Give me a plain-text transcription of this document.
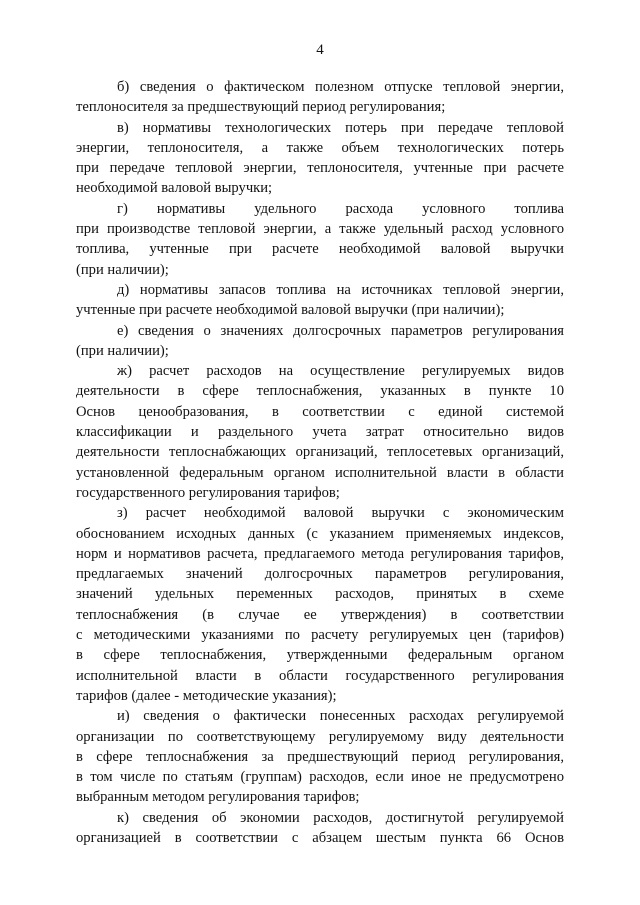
4
б) сведения о фактическом полезном отпуске тепловой энергии,
теплоносителя за предшествующий период регулирования;
в) нормативы технологических потерь при передаче тепловой
энергии, теплоносителя, а также объем технологических потерь
при передаче тепловой энергии, теплоносителя, учтенные при расчете
необходимой валовой выручки;
г) нормативы удельного расхода условного топлива
при производстве тепловой энергии, а также удельный расход условного
топлива, учтенные при расчете необходимой валовой выручки
(при наличии);
д) нормативы запасов топлива на источниках тепловой энергии,
учтенные при расчете необходимой валовой выручки (при наличии);
е) сведения о значениях долгосрочных параметров регулирования
(при наличии);
ж) расчет расходов на осуществление регулируемых видов
деятельности в сфере теплоснабжения, указанных в пункте 10
Основ ценообразования, в соответствии с единой системой
классификации и раздельного учета затрат относительно видов
деятельности теплоснабжающих организаций, теплосетевых организаций,
установленной федеральным органом исполнительной власти в области
государственного регулирования тарифов;
з) расчет необходимой валовой выручки с экономическим
обоснованием исходных данных (с указанием применяемых индексов,
норм и нормативов расчета, предлагаемого метода регулирования тарифов,
предлагаемых значений долгосрочных параметров регулирования,
значений удельных переменных расходов, принятых в схеме
теплоснабжения (в случае ее утверждения) в соответствии
с методическими указаниями по расчету регулируемых цен (тарифов)
в сфере теплоснабжения, утвержденными федеральным органом
исполнительной власти в области государственного регулирования
тарифов (далее - методические указания);
и) сведения о фактически понесенных расходах регулируемой
организации по соответствующему регулируемому виду деятельности
в сфере теплоснабжения за предшествующий период регулирования,
в том числе по статьям (группам) расходов, если иное не предусмотрено
выбранным методом регулирования тарифов;
к) сведения об экономии расходов, достигнутой регулируемой
организацией в соответствии с абзацем шестым пункта 66 Основ
